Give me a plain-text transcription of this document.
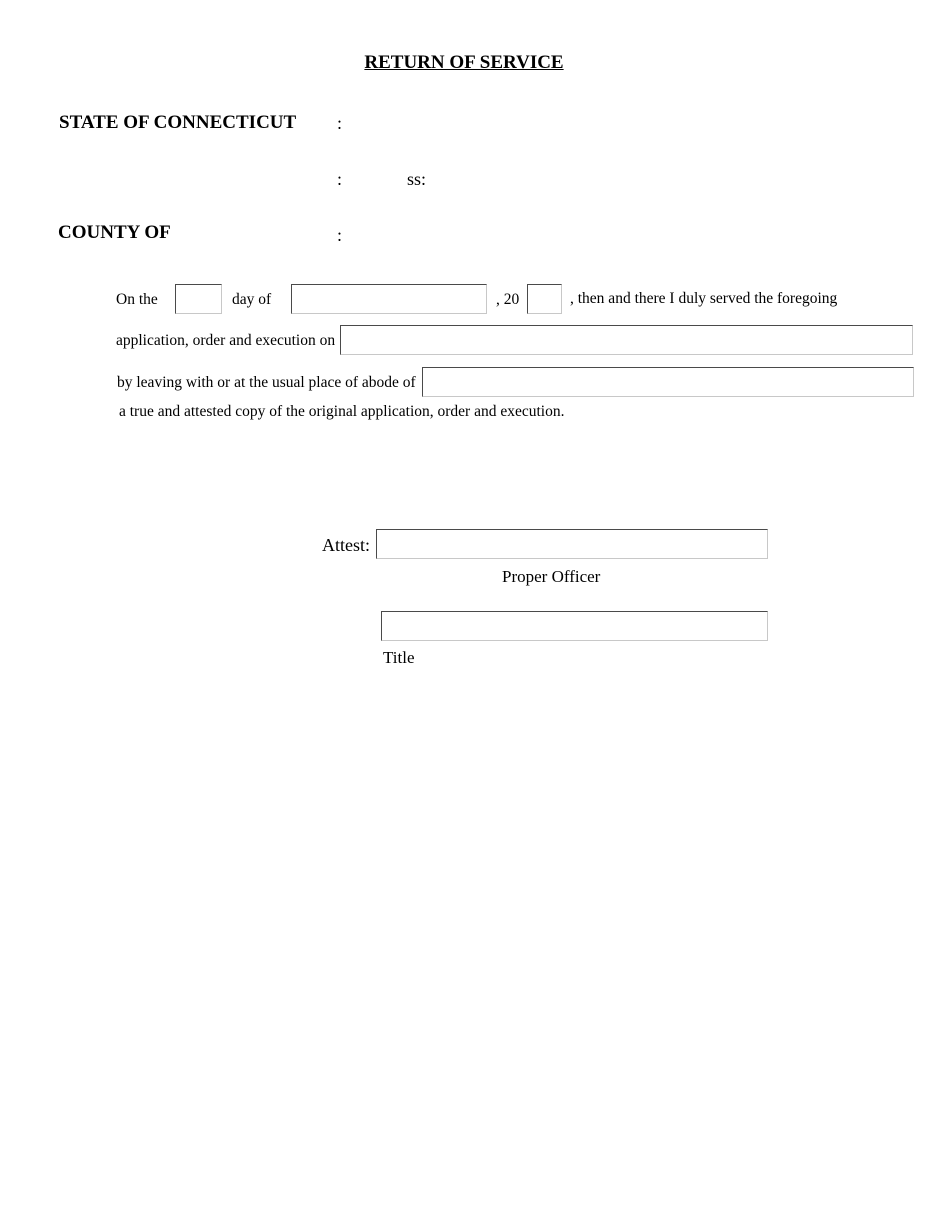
RETURN OF SERVICE
STATE OF CONNECTICUT :
:	ss:
COUNTY OF	:
On the	day of	, 20	, then and there I duly served the foregoing
application, order and execution on
by leaving with or at the usual place of abode of
a true and attested copy of the original application, order and execution.
Attest:
Proper Officer
Title
